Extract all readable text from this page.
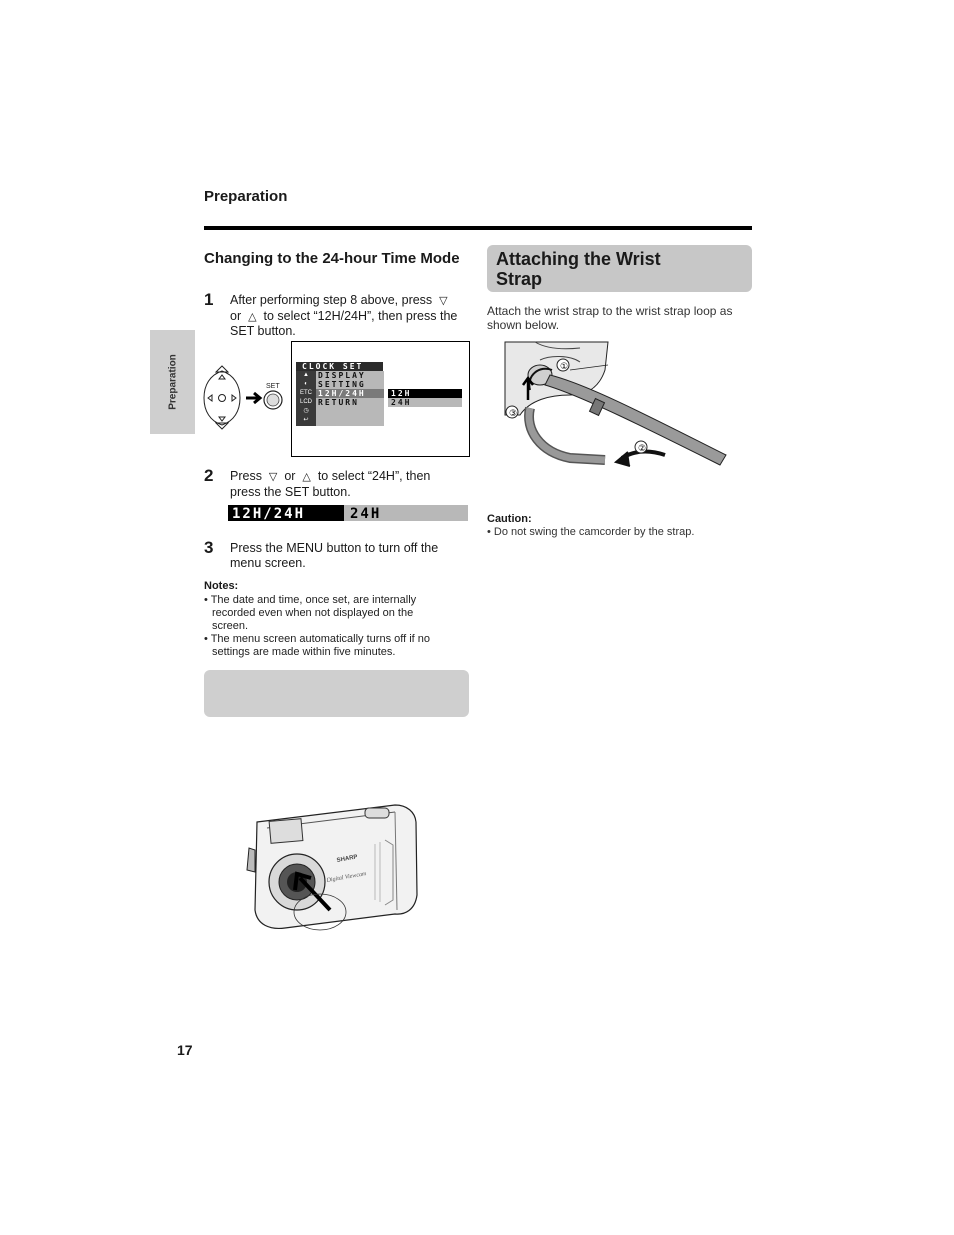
Preparation
Preparation
Changing to the 24-hour Time Mode
1 After performing step 8 above, press ▽
or △ to select “12H/24H”, then press the
SET button.
SET
CLOCK SET
▲
◐
ETC
LCD
◷
↩
DISPLAY
SETTING
12H/24H
RETURN
12H
24H
2 Press ▽ or △ to select “24H”, then
press the SET button.
12H/24H	24H
3 Press the MENU button to turn off the
menu screen.
Notes:
• The date and time, once set, are internally
recorded even when not displayed on the
screen.
• The menu screen automatically turns off if no
settings are made within five minutes.
Attaching the Wrist
Strap
Attach the wrist strap to the wrist strap loop as
shown below.
①
②
③
Caution:
• Do not swing the camcorder by the strap.
SHARP
Digital Viewcam
17
